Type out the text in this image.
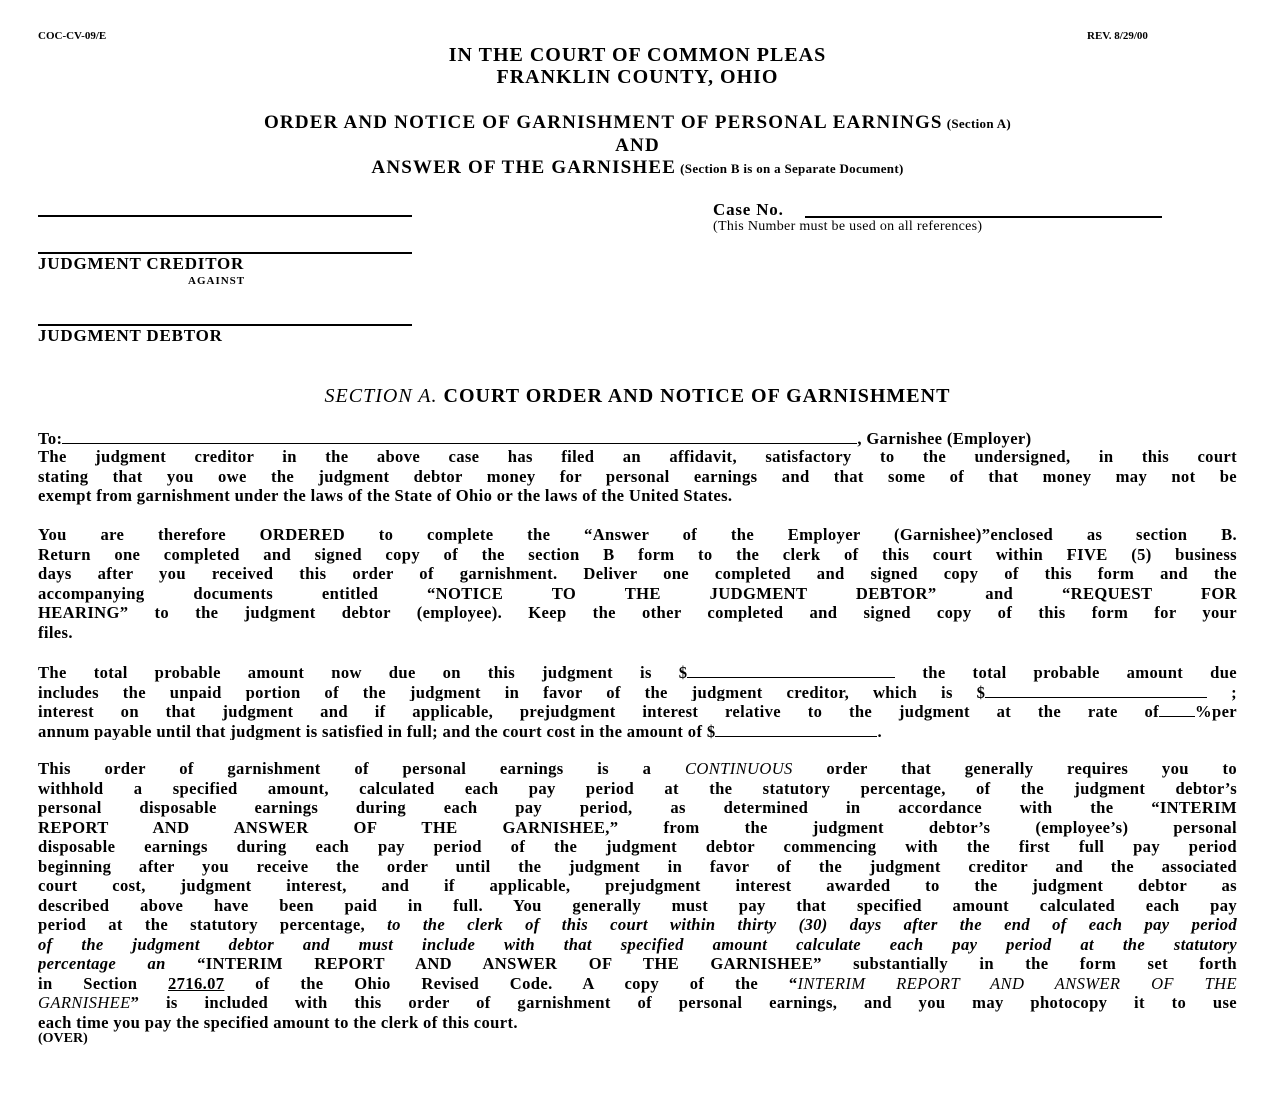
COC-CV-09/E	REV. 8/29/00
IN THE COURT OF COMMON PLEAS
FRANKLIN COUNTY, OHIO
ORDER AND NOTICE OF GARNISHMENT OF PERSONAL EARNINGS (Section A)
AND
ANSWER OF THE GARNISHEE (Section B is on a Separate Document)
JUDGMENT CREDITOR
AGAINST
JUDGMENT DEBTOR
Case No.
(This Number must be used on all references)
SECTION A. COURT ORDER AND NOTICE OF GARNISHMENT
To:	, Garnishee (Employer)
The judgment creditor in the above case has filed an affidavit, satisfactory to the undersigned, in this court
stating that you owe the judgment debtor money for personal earnings and that some of that money may not be
exempt from garnishment under the laws of the State of Ohio or the laws of the United States.
You are therefore ORDERED to complete the “Answer of the Employer (Garnishee)”enclosed as section B.
Return one completed and signed copy of the section B form to the clerk of this court within FIVE (5) business
days after you received this order of garnishment. Deliver one completed and signed copy of this form and the
accompanying documents entitled “NOTICE TO THE JUDGMENT DEBTOR” and “REQUEST FOR
HEARING” to the judgment debtor (employee). Keep the other completed and signed copy of this form for your
files.
The total probable amount now due on this judgment is $	the total probable amount due
includes the unpaid portion of the judgment in favor of the judgment creditor, which is $	;
interest on that judgment and if applicable, prejudgment interest relative to the judgment at the rate of %per
annum payable until that judgment is satisfied in full; and the court cost in the amount of $	.
This order of garnishment of personal earnings is a CONTINUOUS order that generally requires you to
withhold a specified amount, calculated each pay period at the statutory percentage, of the judgment debtor’s
personal disposable earnings during each pay period, as determined in accordance with the “INTERIM
REPORT AND ANSWER OF THE GARNISHEE,” from the judgment debtor’s (employee’s) personal
disposable earnings during each pay period of the judgment debtor commencing with the first full pay period
beginning after you receive the order until the judgment in favor of the judgment creditor and the associated
court cost, judgment interest, and if applicable, prejudgment interest awarded to the judgment debtor as
described above have been paid in full. You generally must pay that specified amount calculated each pay
period at the statutory percentage, to the clerk of this court within thirty (30) days after the end of each pay period
of the judgment debtor and must include with that specified amount calculate each pay period at the statutory
percentage an “INTERIM REPORT AND ANSWER OF THE GARNISHEE” substantially in the form set forth
in Section 2716.07 of the Ohio Revised Code. A copy of the “INTERIM REPORT AND ANSWER OF THE
GARNISHEE” is included with this order of garnishment of personal earnings, and you may photocopy it to use
each time you pay the specified amount to the clerk of this court.
(OVER)
